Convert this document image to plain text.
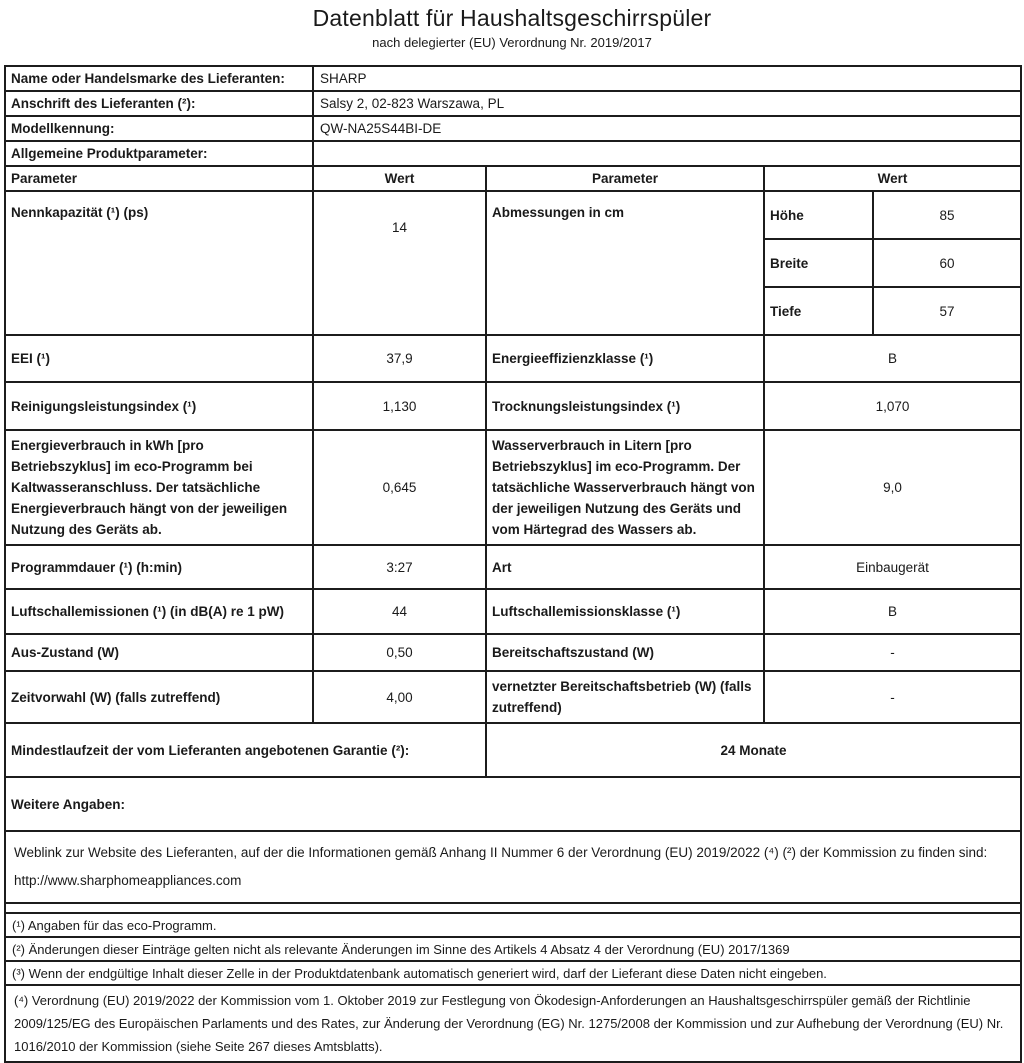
Datenblatt für Haushaltsgeschirrspüler
nach delegierter (EU) Verordnung Nr. 2019/2017
Name oder Handelsmarke des Lieferanten:	SHARP			
Anschrift des Lieferanten (²):	Salsy 2, 02-823 Warszawa, PL			
Modellkennung:	QW-NA25S44BI-DE			
Allgemeine Produktparameter:				
Parameter	Wert	Parameter	Wert	
Nennkapazität (¹) (ps)	14	Abmessungen in cm	Höhe	85
			Breite	60
			Tiefe	57
EEI (¹)	37,9	Energieeffizienzklasse (¹)	B	
Reinigungsleistungsindex (¹)	1,130	Trocknungsleistungsindex (¹)	1,070	
Energieverbrauch in kWh [pro Betriebszyklus] im eco-Programm bei Kaltwasseranschluss. Der tatsächliche Energieverbrauch hängt von der jeweiligen Nutzung des Geräts ab.	0,645	Wasserverbrauch in Litern [pro Betriebszyklus] im eco-Programm. Der tatsächliche Wasserverbrauch hängt von der jeweiligen Nutzung des Geräts und vom Härtegrad des Wassers ab.	9,0	
Programmdauer (¹) (h:min)	3:27	Art	Einbaugerät	
Luftschallemissionen (¹) (in dB(A) re 1 pW)	44	Luftschallemissionsklasse (¹)	B	
Aus-Zustand (W)	0,50	Bereitschaftszustand (W)	-	
Zeitvorwahl (W) (falls zutreffend)	4,00	vernetzter Bereitschaftsbetrieb (W) (falls zutreffend)	-	
Mindestlaufzeit der vom Lieferanten angebotenen Garantie (²):		24 Monate		
Weitere Angaben:				
Weblink zur Website des Lieferanten, auf der die Informationen gemäß Anhang II Nummer 6 der Verordnung (EU) 2019/2022 (⁴) (²) der Kommission zu finden sind: http://www.sharphomeappliances.com				

(¹) Angaben für das eco-Programm.				
(²) Änderungen dieser Einträge gelten nicht als relevante Änderungen im Sinne des Artikels 4 Absatz 4 der Verordnung (EU) 2017/1369				
(³) Wenn der endgültige Inhalt dieser Zelle in der Produktdatenbank automatisch generiert wird, darf der Lieferant diese Daten nicht eingeben.				
(⁴) Verordnung (EU) 2019/2022 der Kommission vom 1. Oktober 2019 zur Festlegung von Ökodesign-Anforderungen an Haushaltsgeschirrspüler gemäß der Richtlinie 2009/125/EG des Europäischen Parlaments und des Rates, zur Änderung der Verordnung (EG) Nr. 1275/2008 der Kommission und zur Aufhebung der Verordnung (EU) Nr. 1016/2010 der Kommission (siehe Seite 267 dieses Amtsblatts).				
